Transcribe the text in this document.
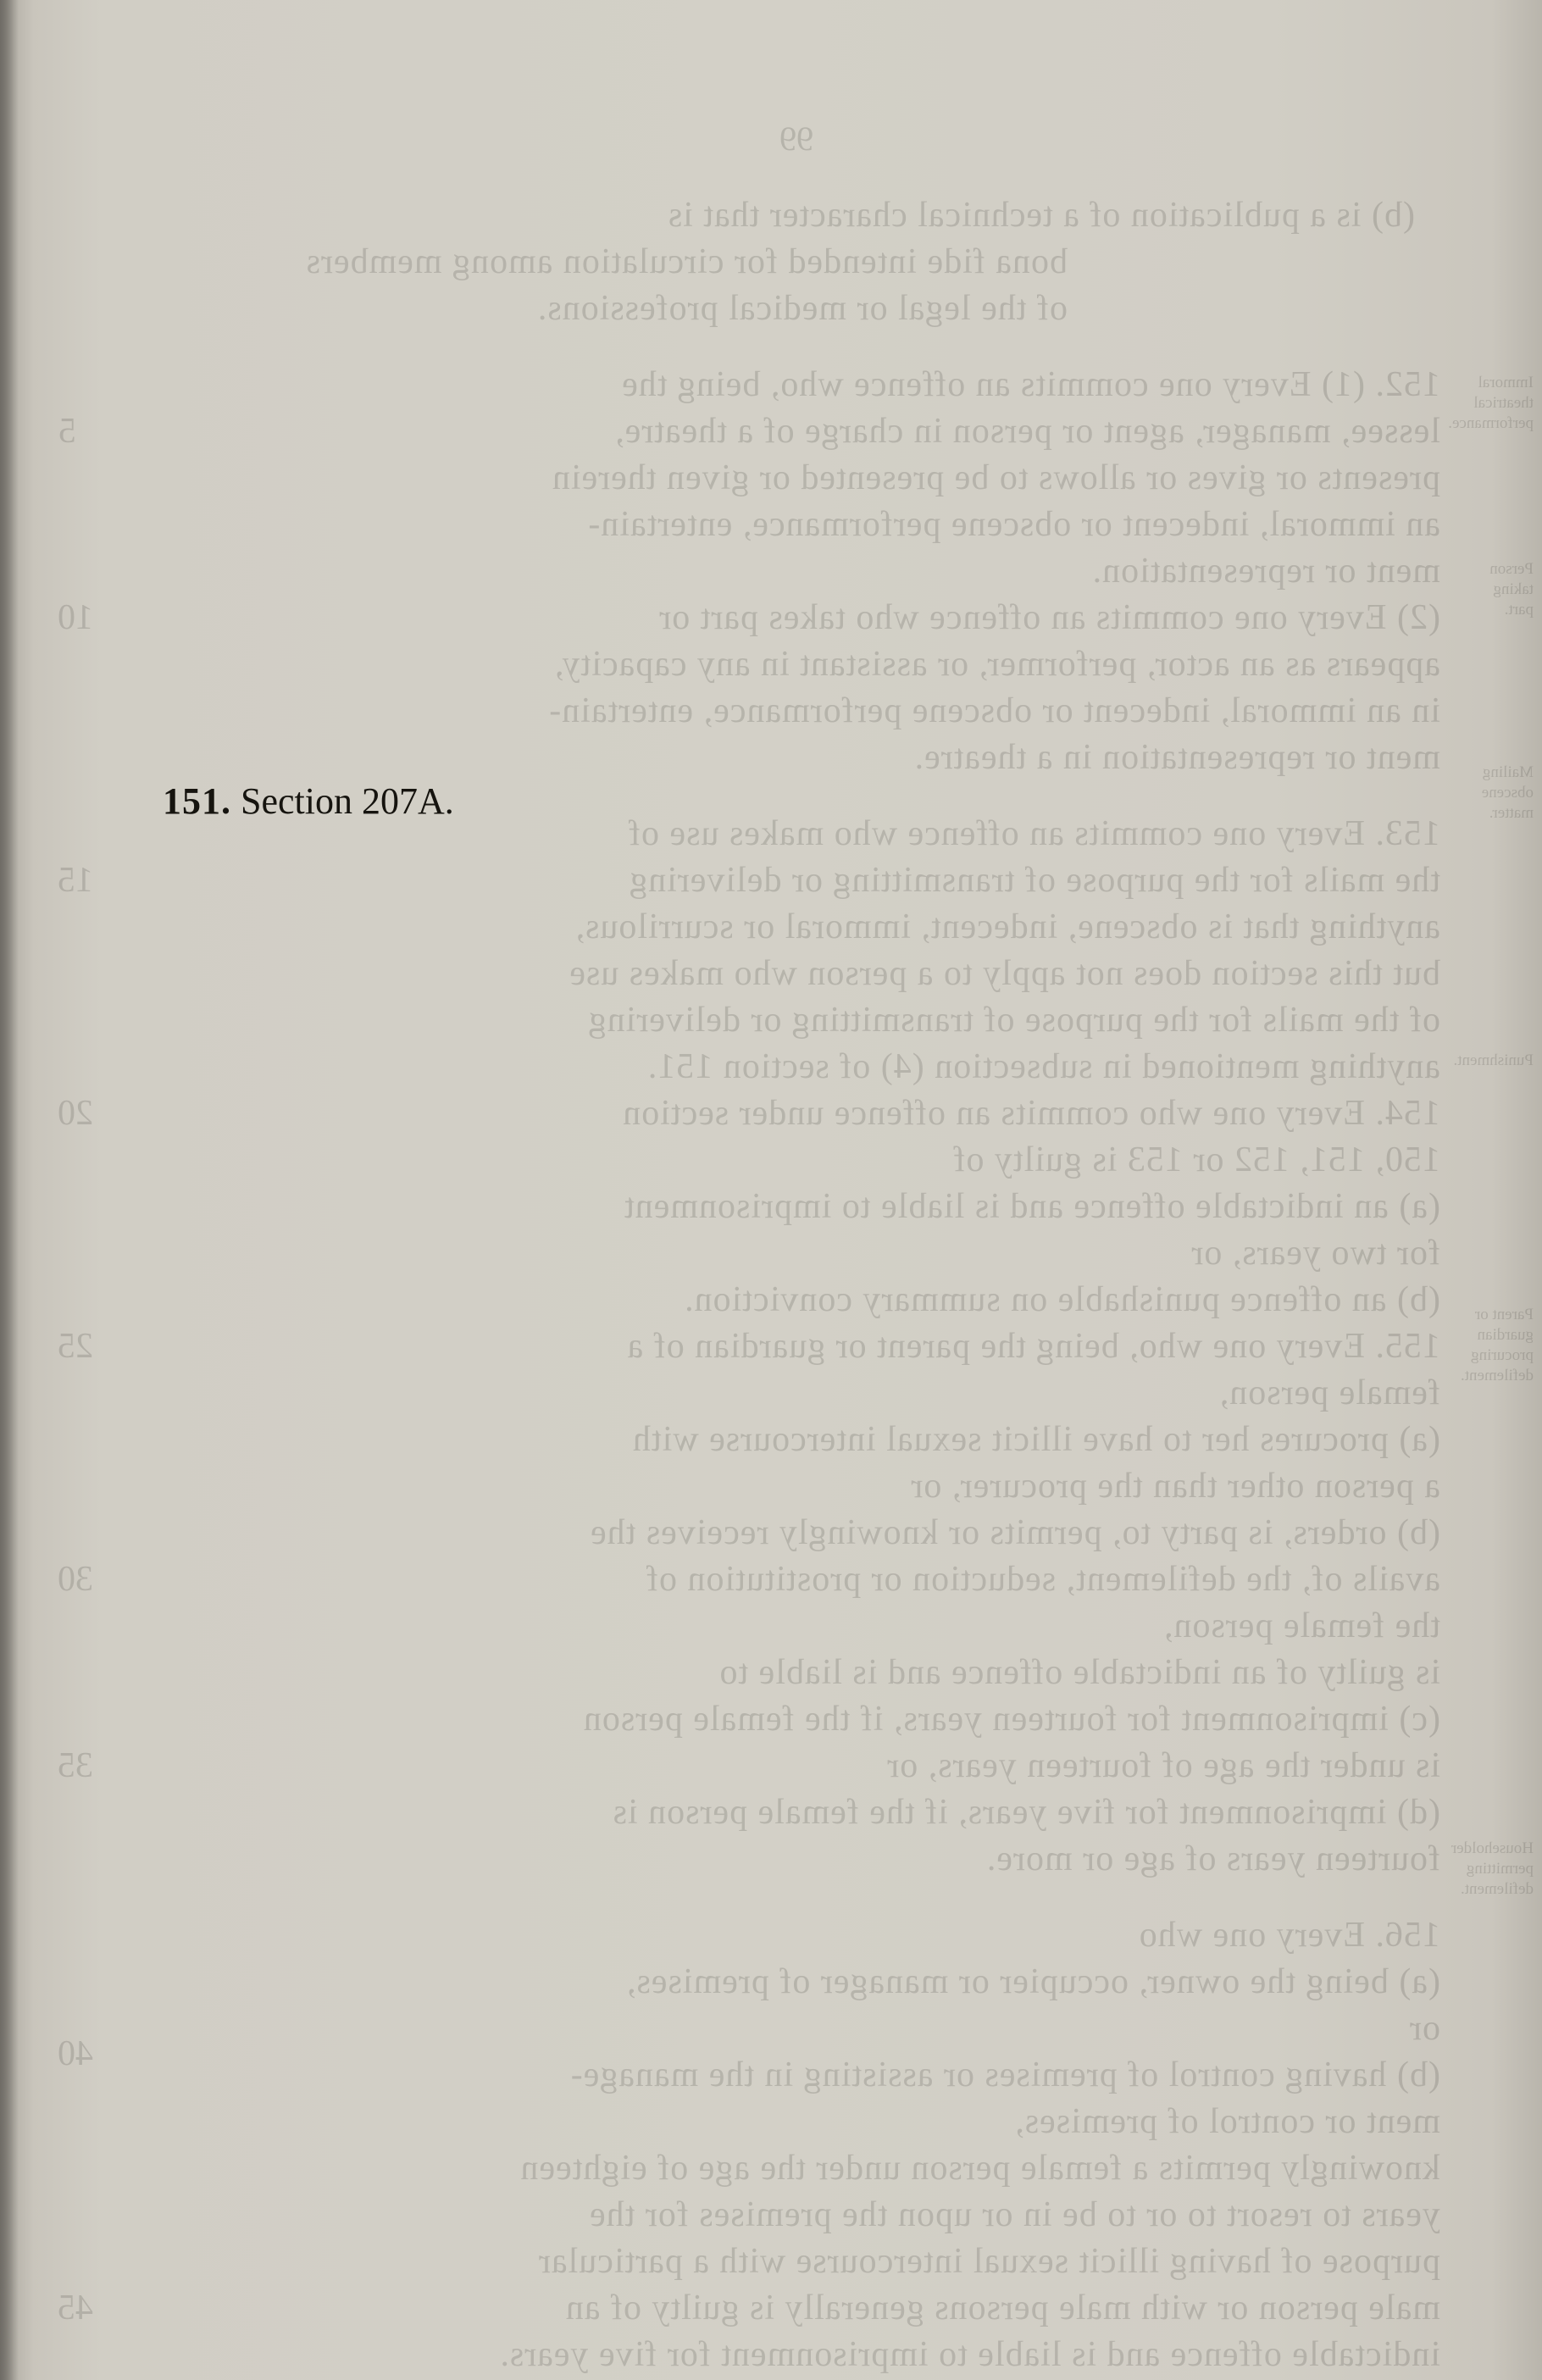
99
(b) is a publication of a technical character that is
bona fide intended for circulation among members
of the legal or medical professions.
152. (1) Every one commits an offence who, being the
lessee, manager, agent or person in charge of a theatre,
presents or gives or allows to be presented or given therein
an immoral, indecent or obscene performance, entertain-
ment or representation.
(2) Every one commits an offence who takes part or
appears as an actor, performer, or assistant in any capacity,
in an immoral, indecent or obscene performance, entertain-
ment or representation in a theatre.
153. Every one commits an offence who makes use of
the mails for the purpose of transmitting or delivering
anything that is obscene, indecent, immoral or scurrilous,
but this section does not apply to a person who makes use
of the mails for the purpose of transmitting or delivering
anything mentioned in subsection (4) of section 151.
154. Every one who commits an offence under section
150, 151, 152 or 153 is guilty of
(a) an indictable offence and is liable to imprisonment
for two years, or
(b) an offence punishable on summary conviction.
155. Every one who, being the parent or guardian of a
female person,
(a) procures her to have illicit sexual intercourse with
a person other than the procurer, or
(b) orders, is party to, permits or knowingly receives the
avails of, the defilement, seduction or prostitution of
the female person,
is guilty of an indictable offence and is liable to
(c) imprisonment for fourteen years, if the female person
is under the age of fourteen years, or
(d) imprisonment for five years, if the female person is
fourteen years of age or more.
156. Every one who
(a) being the owner, occupier or manager of premises,
or
(b) having control of premises or assisting in the manage-
ment or control of premises,
knowingly permits a female person under the age of eighteen
years to resort to or to be in or upon the premises for the
purpose of having illicit sexual intercourse with a particular
male person or with male persons generally is guilty of an
indictable offence and is liable to imprisonment for five years.
5
10
15
20
25
30
35
40
45
Immoral
theatrical
performance.
Person
taking
part.
Mailing
obscene
matter.
Punishment.
Parent or
guardian
procuring
defilement.
Householder
permitting
defilement.
151. Section 207A.
